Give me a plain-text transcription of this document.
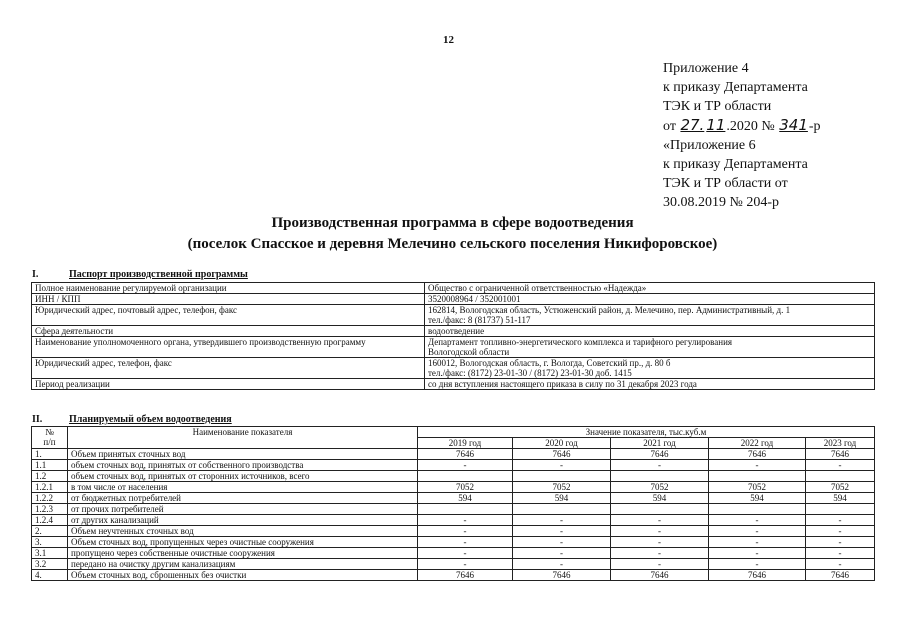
12
Приложение 4
к приказу Департамента
ТЭК и ТР области
от 27. 11.2020 № 341-р
«Приложение 6
к приказу Департамента
ТЭК и ТР области от
30.08.2019 № 204-р
Производственная программа в сфере водоотведения
(поселок Спасское и деревня Мелечино сельского поселения Никифоровское)
I.	Паспорт производственной программы
Полное наименование регулируемой организации	Общество с ограниченной ответственностью «Надежда»

ИНН / КПП	3520008964 / 352001001

Юридический адрес, почтовый адрес, телефон, факс	162814, Вологодская область, Устюженский район, д. Мелечино, пер. Административный, д. 1
тел./факс: 8 (81737) 51-117

Сфера деятельности	водоотведение

Наименование уполномоченного органа, утвердившего производственную программу	Департамент топливно-энергетического комплекса и тарифного регулирования
Вологодской области

Юридический адрес, телефон, факс	160012, Вологодская область, г. Вологда, Советский пр., д. 80 б
тел./факс: (8172) 23-01-30 / (8172) 23-01-30 доб. 1415

Период реализации	со дня вступления настоящего приказа в силу по 31 декабря 2023 года
II.	Планируемый объем водоотведения
№
п/п	Наименование показателя	Значение показателя, тыс.куб.м				
		2019 год	2020 год	2021 год	2022 год	2023 год
1.	Объем принятых сточных вод	7646	7646	7646	7646	7646
1.1	объем сточных вод, принятых от собственного производства	-	-	-	-	-
1.2	объем сточных вод, принятых от сторонних источников, всего					
1.2.1	в том числе от населения	7052	7052	7052	7052	7052
1.2.2	от бюджетных потребителей	594	594	594	594	594
1.2.3	от прочих потребителей					
1.2.4	от других канализаций	-	-	-	-	-
2.	Объем неучтенных сточных вод	-	-	-	-	-
3.	Объем сточных вод, пропущенных через очистные сооружения	-	-	-	-	-
3.1	пропущено через собственные очистные сооружения	-	-	-	-	-
3.2	передано на очистку другим канализациям	-	-	-	-	-
4.	Объем сточных вод, сброшенных без очистки	7646	7646	7646	7646	7646
